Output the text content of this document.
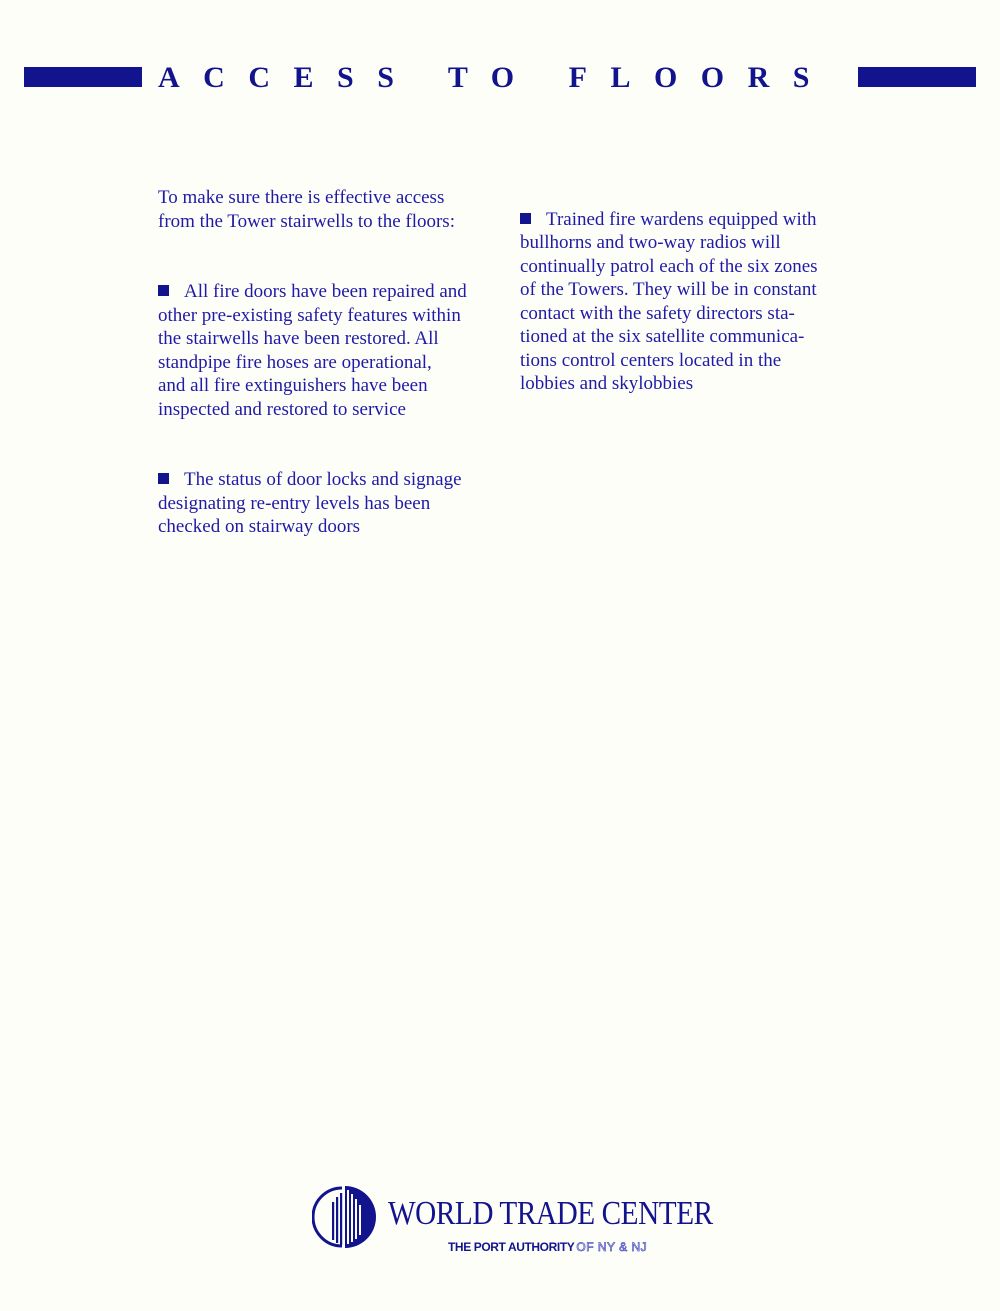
ACCESS TO FLOORS

To make sure there is effective access
from the Tower stairwells to the floors:

All fire doors have been repaired and
other pre-existing safety features within
the stairwells have been restored. All
standpipe fire hoses are operational,
and all fire extinguishers have been
inspected and restored to service

The status of door locks and signage
designating re-entry levels has been
checked on stairway doors

Trained fire wardens equipped with
bullhorns and two-way radios will
continually patrol each of the six zones
of the Towers. They will be in constant
contact with the safety directors sta-
tioned at the six satellite communica-
tions control centers located in the
lobbies and skylobbies

WORLD TRADE CENTER
THE PORT AUTHORITY OF NY & NJ
